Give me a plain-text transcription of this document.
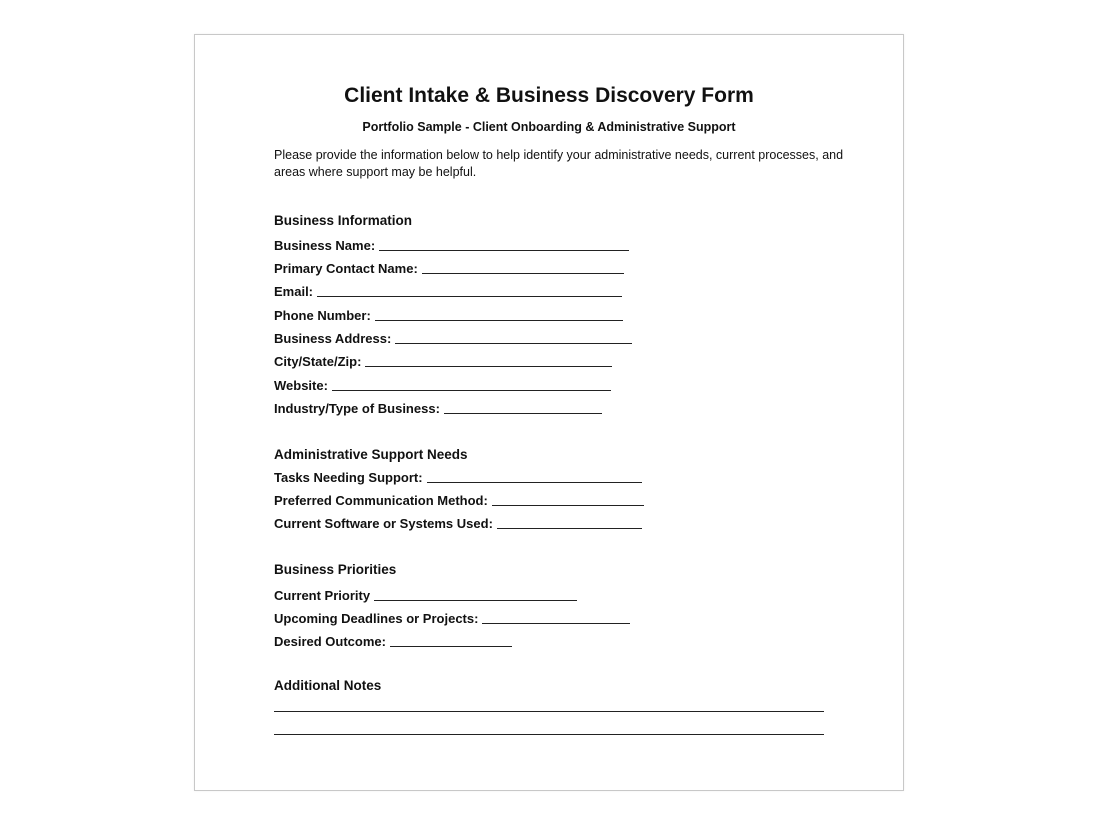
Client Intake & Business Discovery Form
Portfolio Sample - Client Onboarding & Administrative Support
Please provide the information below to help identify your administrative needs, current processes, and areas where support may be helpful.
Business Information
Business Name:
Primary Contact Name:
Email:
Phone Number:
Business Address:
City/State/Zip:
Website:
Industry/Type of Business:
Administrative Support Needs
Tasks Needing Support:
Preferred Communication Method:
Current Software or Systems Used:
Business Priorities
Current Priority
Upcoming Deadlines or Projects:
Desired Outcome:
Additional Notes
